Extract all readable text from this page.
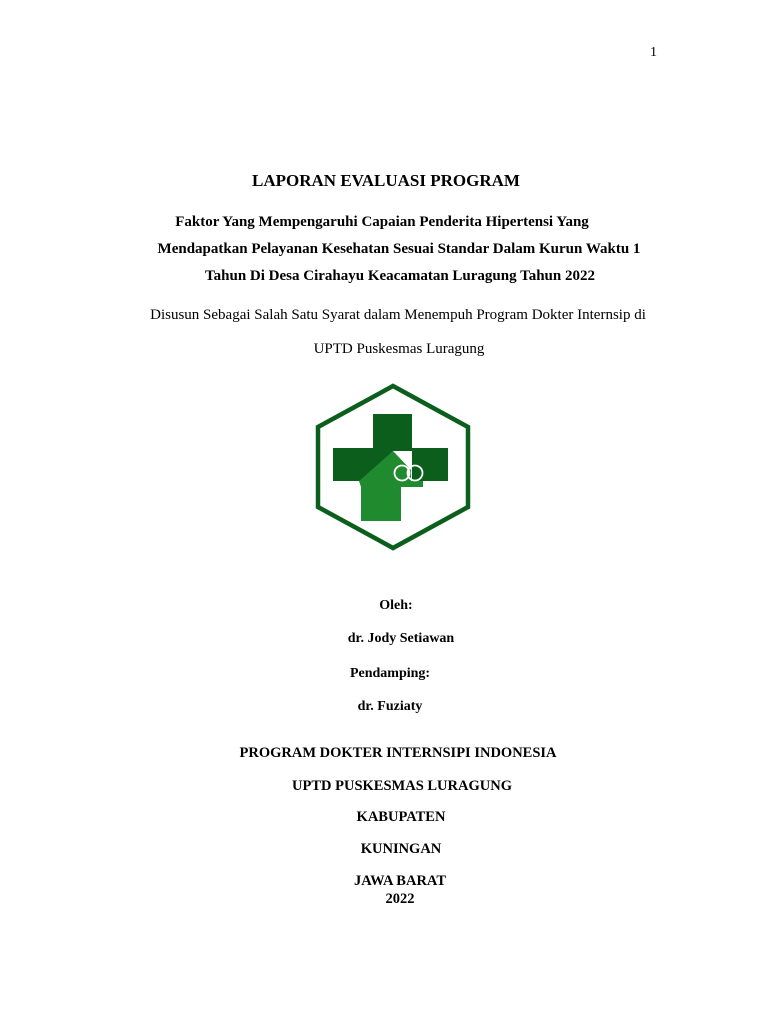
1
LAPORAN EVALUASI PROGRAM
Faktor Yang Mempengaruhi Capaian Penderita Hipertensi Yang
Mendapatkan Pelayanan Kesehatan Sesuai Standar Dalam Kurun Waktu 1
Tahun Di Desa Cirahayu Keacamatan Luragung Tahun 2022
Disusun Sebagai Salah Satu Syarat dalam Menempuh Program Dokter Internsip di
UPTD Puskesmas Luragung
Oleh:
dr. Jody Setiawan
Pendamping:
dr. Fuziaty
PROGRAM DOKTER INTERNSIPI INDONESIA
UPTD PUSKESMAS LURAGUNG
KABUPATEN
KUNINGAN
JAWA BARAT
2022
